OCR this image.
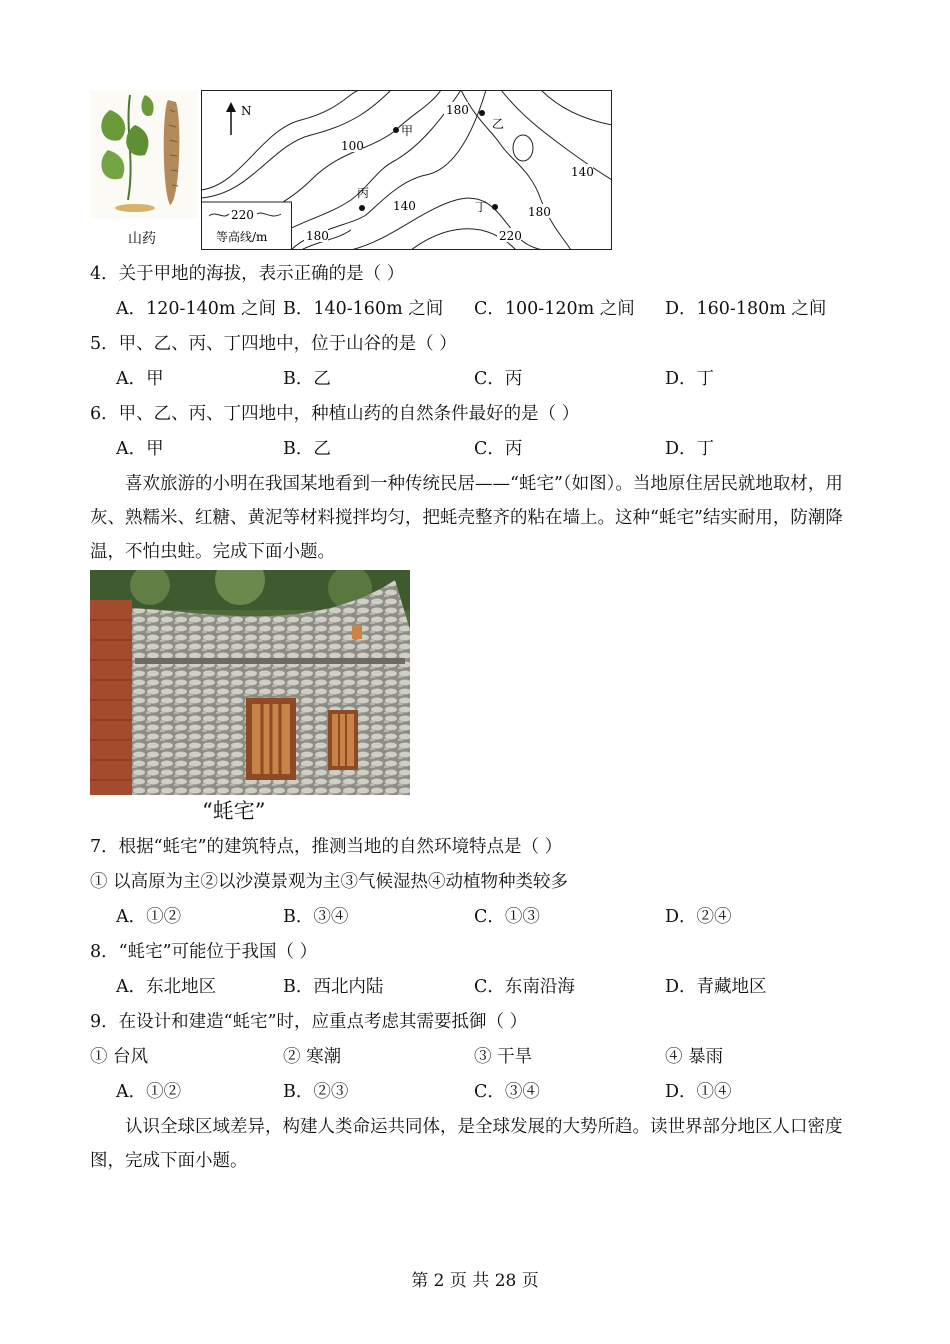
山药
N
甲	乙
丙
丁
180
100
140
140	180
180	220
220
等高线/m
4．关于甲地的海拔，表示正确的是（ ）
A．120-140m 之间 B．140-160m 之间 C．100-120m 之间 D．160-180m 之间
5．甲、乙、丙、丁四地中，位于山谷的是（ ）
A．甲	B．乙	C．丙	D．丁
6．甲、乙、丙、丁四地中，种植山药的自然条件最好的是（ ）
A．甲	B．乙	C．丙	D．丁
喜欢旅游的小明在我国某地看到一种传统民居——“蚝宅”（如图）。当地原住居民就地取材，用灰、熟糯米、红糖、黄泥等材料搅拌均匀，把蚝壳整齐的粘在墙上。这种“蚝宅”结实耐用，防潮降温，不怕虫蛀。完成下面小题。
“蚝宅”
7．根据“蚝宅”的建筑特点，推测当地的自然环境特点是（ ）
① 以高原为主②以沙漠景观为主③气候湿热④动植物种类较多
A．①②	B．③④	C．①③	D．②④
8．“蚝宅”可能位于我国（ ）
A．东北地区	B．西北内陆	C．东南沿海	D．青藏地区
9．在设计和建造“蚝宅”时，应重点考虑其需要抵御（ ）
① 台风	② 寒潮	③ 干旱	④ 暴雨
A．①②	B．②③	C．③④	D．①④
认识全球区域差异，构建人类命运共同体，是全球发展的大势所趋。读世界部分地区人口密度图，完成下面小题。
第 2 页 共 28 页
